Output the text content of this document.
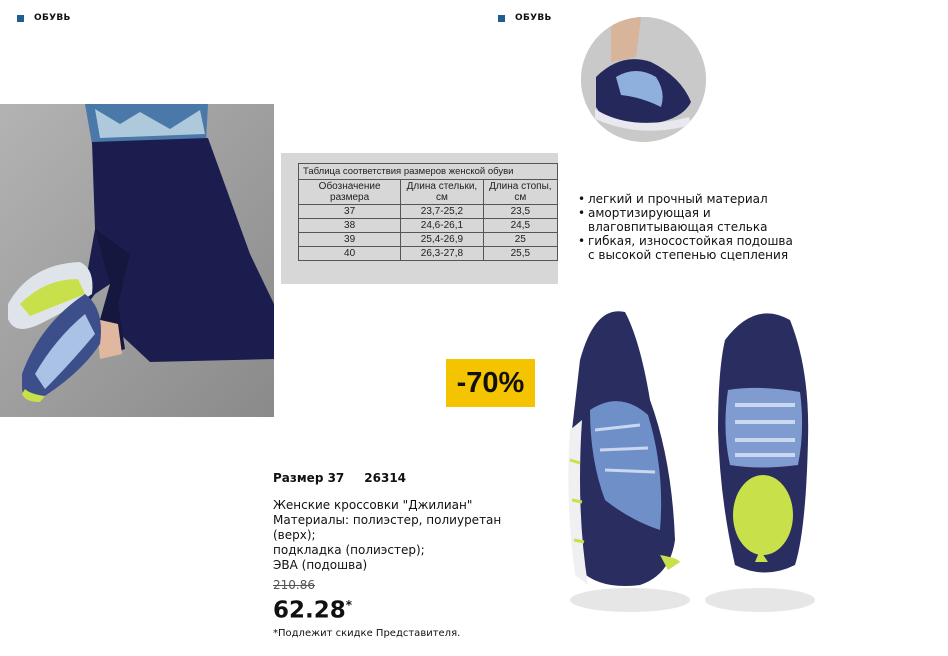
ОБУВЬ	ОБУВЬ
Таблица соответствия размеров женской обуви		
Обозначение размера	Длина стельки, см	Длина стопы, см
37	23,7-25,2	23,5
38	24,6-26,1	24,5
39	25,4-26,9	25
40	26,3-27,8	25,5
-70%
• легкий и прочный материал
• амортизирующая и влаговпитывающая стелька
• гибкая, износостойкая подошва с высокой степенью сцепления
Размер 37 26314
Женские кроссовки "Джилиан"
Материалы: полиэстер, полиуретан (верх);
подкладка (полиэстер);
ЭВА (подошва)
210.86
62.28*
*Подлежит скидке Представителя.
